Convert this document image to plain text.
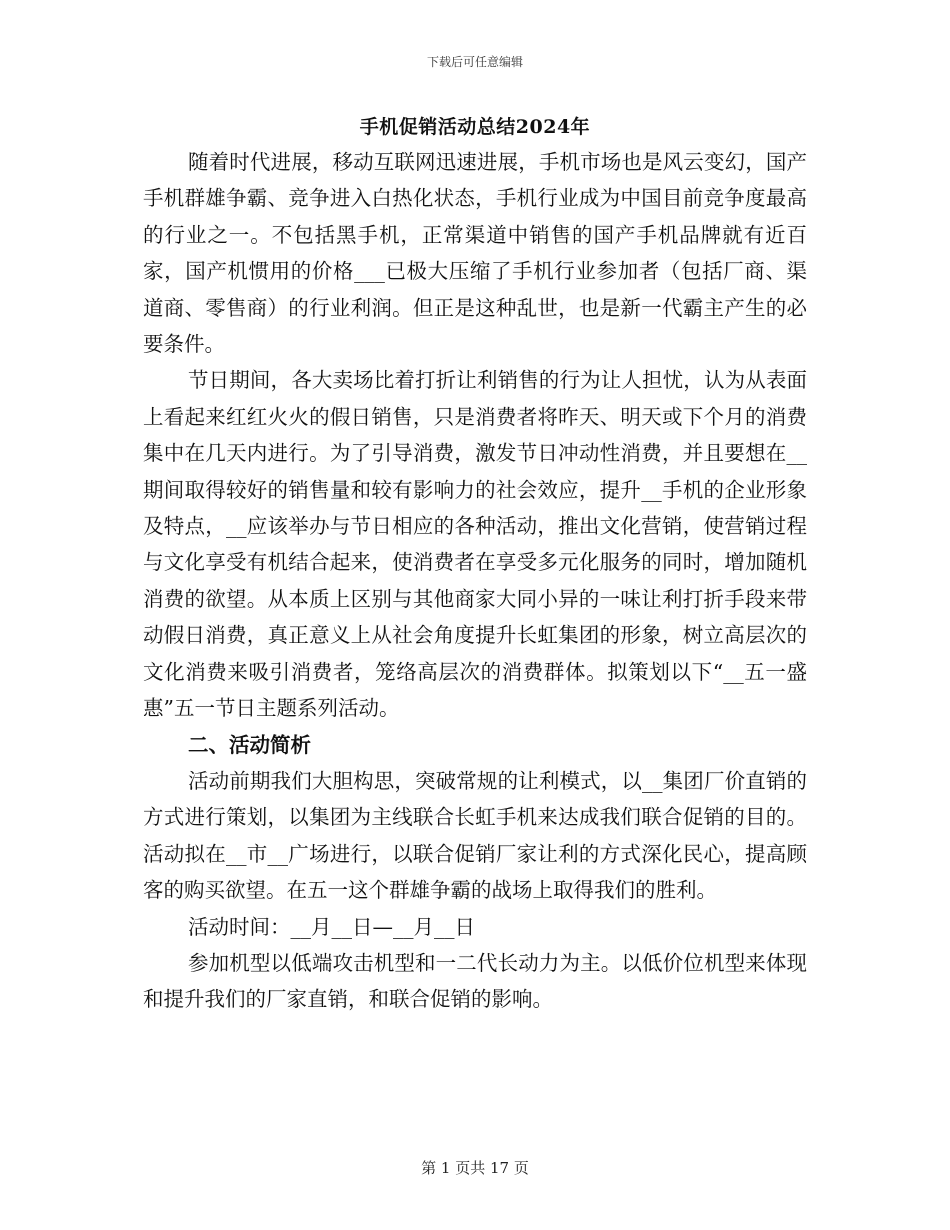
下载后可任意编辑
手机促销活动总结2024年

随着时代进展，移动互联网迅速进展，手机市场也是风云变幻，国产手机群雄争霸、竞争进入白热化状态，手机行业成为中国目前竞争度最高的行业之一。不包括黑手机，正常渠道中销售的国产手机品牌就有近百家，国产机惯用的价格___已极大压缩了手机行业参加者（包括厂商、渠道商、零售商）的行业利润。但正是这种乱世，也是新一代霸主产生的必要条件。

节日期间，各大卖场比着打折让利销售的行为让人担忧，认为从表面上看起来红红火火的假日销售，只是消费者将昨天、明天或下个月的消费集中在几天内进行。为了引导消费，激发节日冲动性消费，并且要想在__期间取得较好的销售量和较有影响力的社会效应，提升__手机的企业形象及特点，__应该举办与节日相应的各种活动，推出文化营销，使营销过程与文化享受有机结合起来，使消费者在享受多元化服务的同时，增加随机消费的欲望。从本质上区别与其他商家大同小异的一味让利打折手段来带动假日消费，真正意义上从社会角度提升长虹集团的形象，树立高层次的文化消费来吸引消费者，笼络高层次的消费群体。拟策划以下“__五一盛惠”五一节日主题系列活动。

二、活动简析

活动前期我们大胆构思，突破常规的让利模式，以__集团厂价直销的方式进行策划，以集团为主线联合长虹手机来达成我们联合促销的目的。活动拟在__市__广场进行，以联合促销厂家让利的方式深化民心，提高顾客的购买欲望。在五一这个群雄争霸的战场上取得我们的胜利。

活动时间：__月__日—__月__日

参加机型以低端攻击机型和一二代长动力为主。以低价位机型来体现和提升我们的厂家直销，和联合促销的影响。

第 1 页共 17 页
